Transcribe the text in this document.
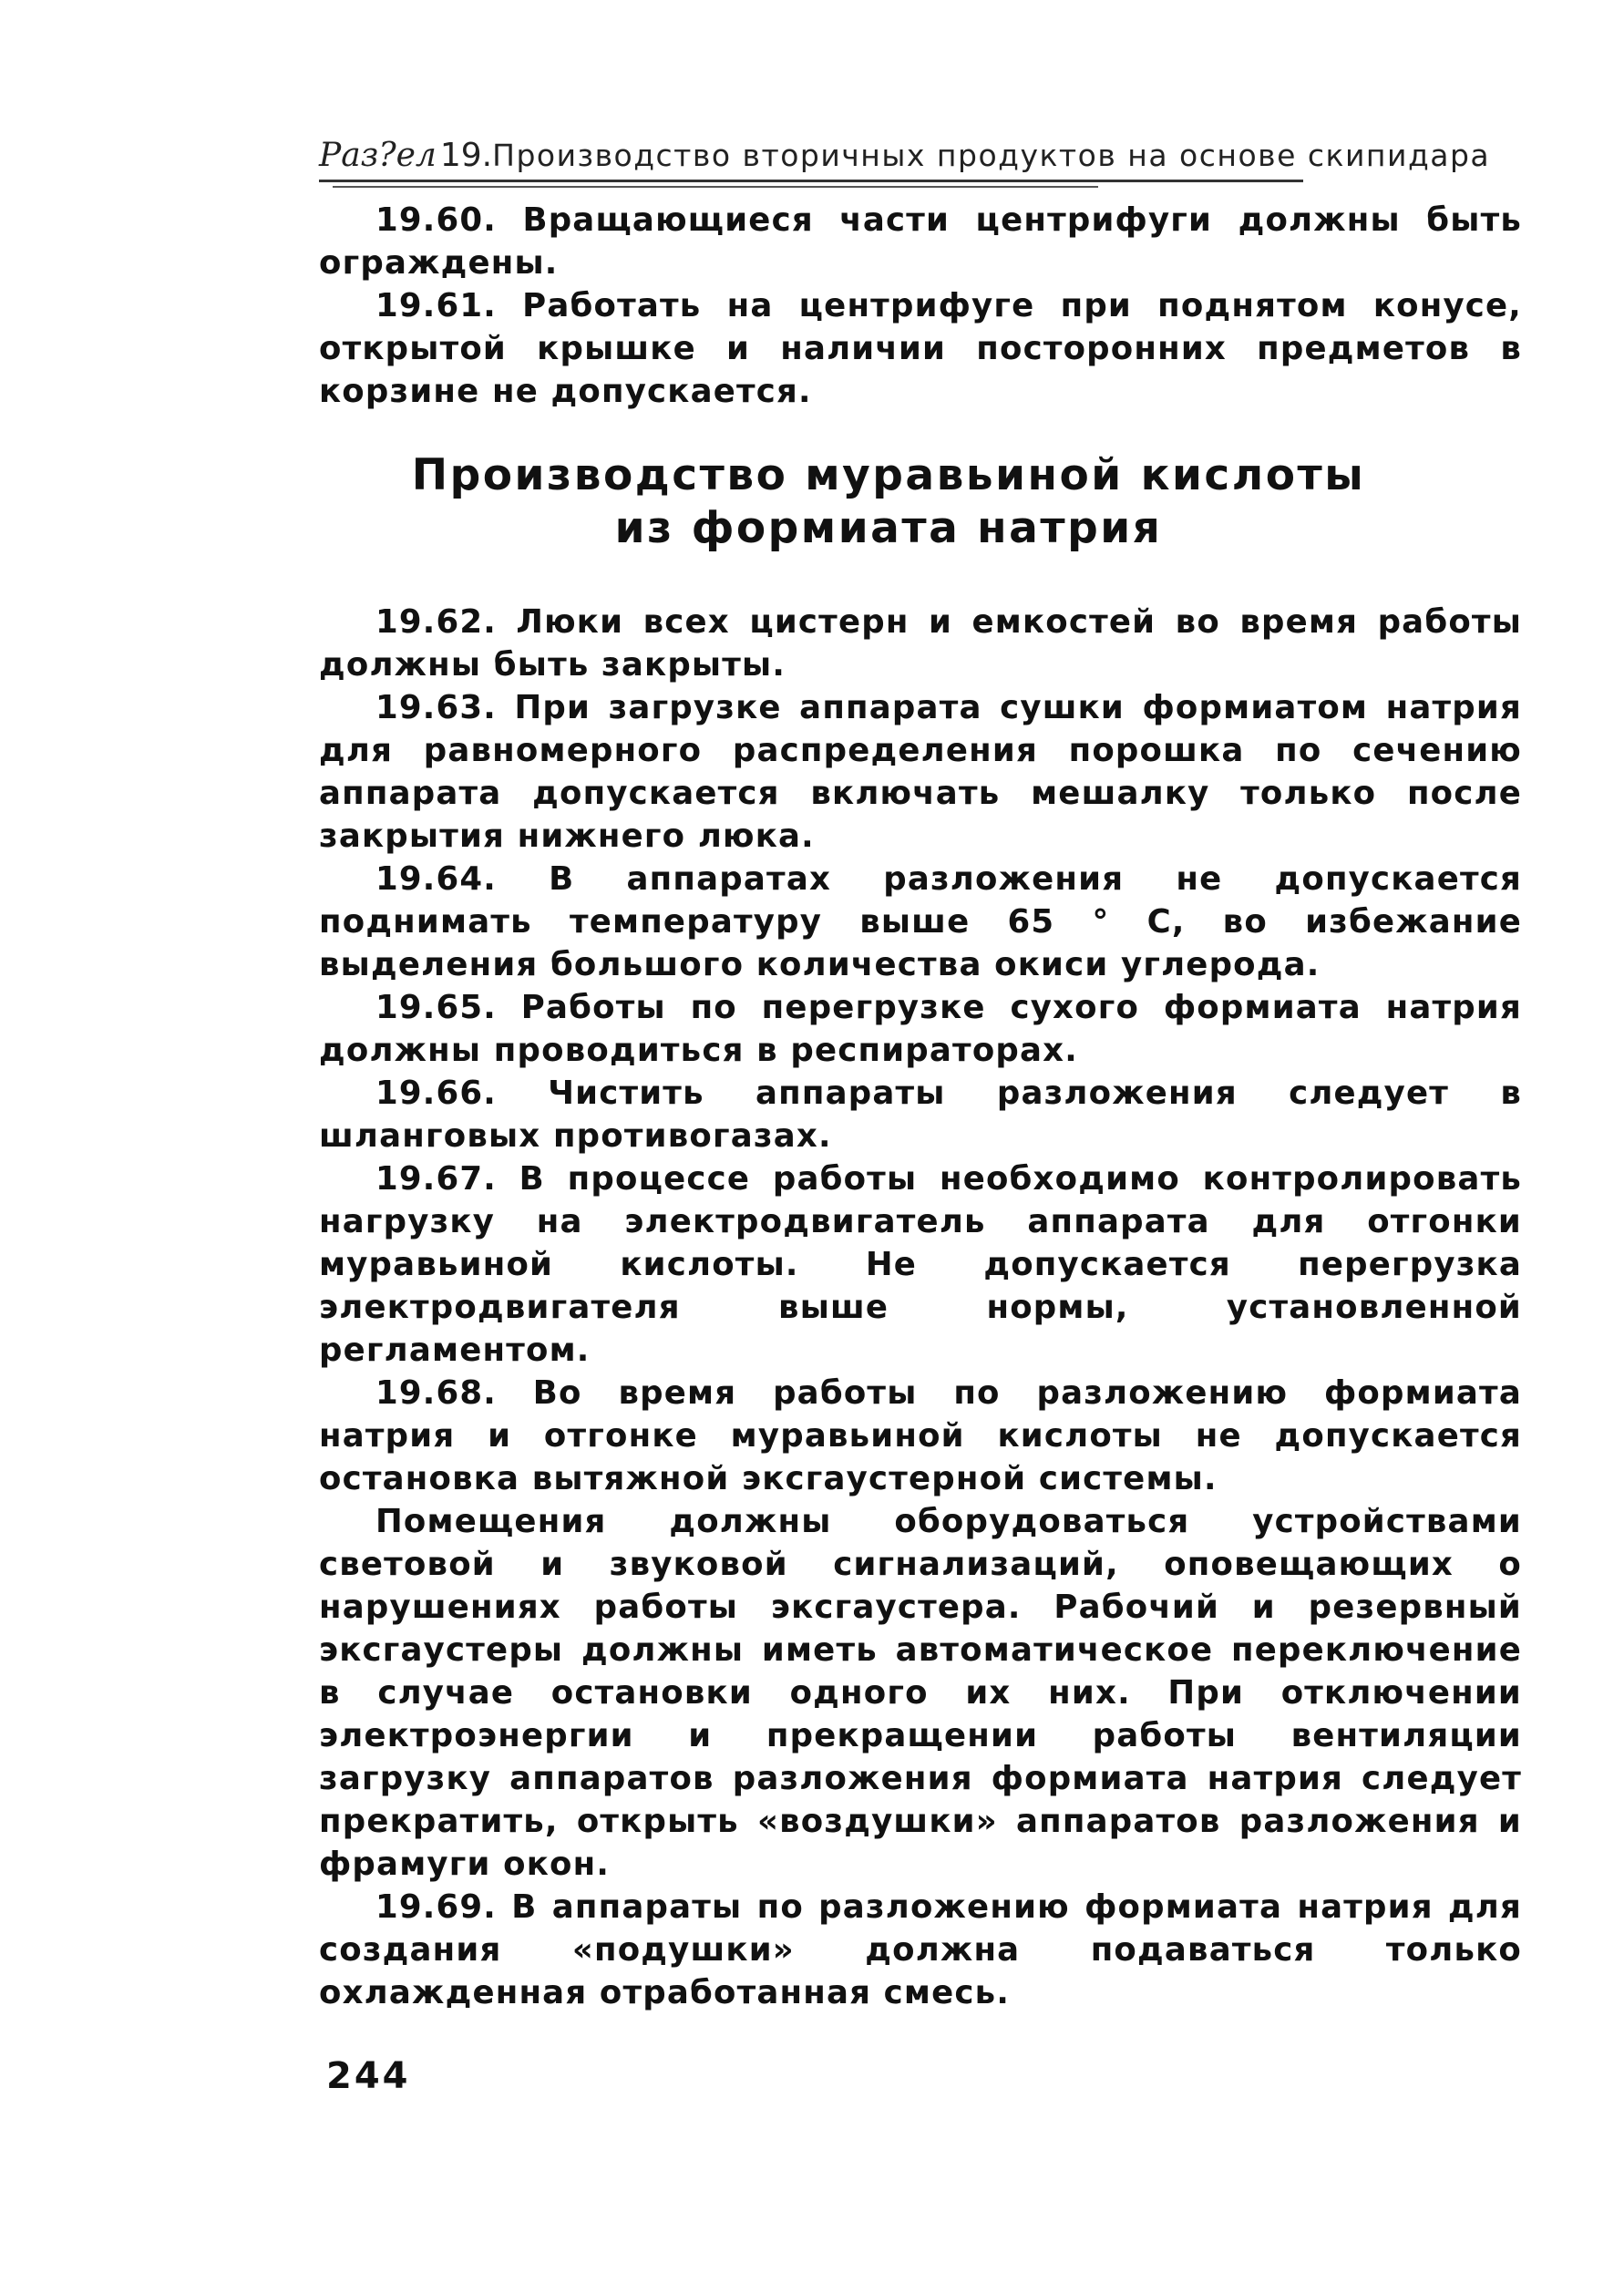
Раз?ел 19. Производство вторичных продуктов на основе скипидара

19.60. Вращающиеся части центрифуги должны быть ограждены.

19.61. Работать на центрифуге при поднятом конусе, открытой крышке и наличии посторонних предметов в корзине не допускается.

Производство муравьиной кислоты
из формиата натрия

19.62. Люки всех цистерн и емкостей во время работы должны быть закрыты.

19.63. При загрузке аппарата сушки формиатом натрия для равномерного распределения порошка по сечению аппарата допускается включать мешалку только после закрытия нижнего люка.

19.64. В аппаратах разложения не допускается поднимать температуру выше 65 ° С, во избежание выделения большого количества окиси углерода.

19.65. Работы по перегрузке сухого формиата натрия должны проводиться в респираторах.

19.66. Чистить аппараты разложения следует в шланговых противогазах.

19.67. В процессе работы необходимо контролировать нагрузку на электродвигатель аппарата для отгонки муравьиной кислоты. Не допускается перегрузка электродвигателя выше нормы, установленной регламентом.

19.68. Во время работы по разложению формиата натрия и отгонке муравьиной кислоты не допускается остановка вытяжной эксгаустерной системы.

Помещения должны оборудоваться устройствами световой и звуковой сигнализаций, оповещающих о нарушениях работы эксгаустера. Рабочий и резервный эксгаустеры должны иметь автоматическое переключение в случае остановки одного их них. При отключении электроэнергии и прекращении работы вентиляции загрузку аппаратов разложения формиата натрия следует прекратить, открыть «воздушки» аппаратов разложения и фрамуги окон.

19.69. В аппараты по разложению формиата натрия для создания «подушки» должна подаваться только охлажденная отработанная смесь.

244
